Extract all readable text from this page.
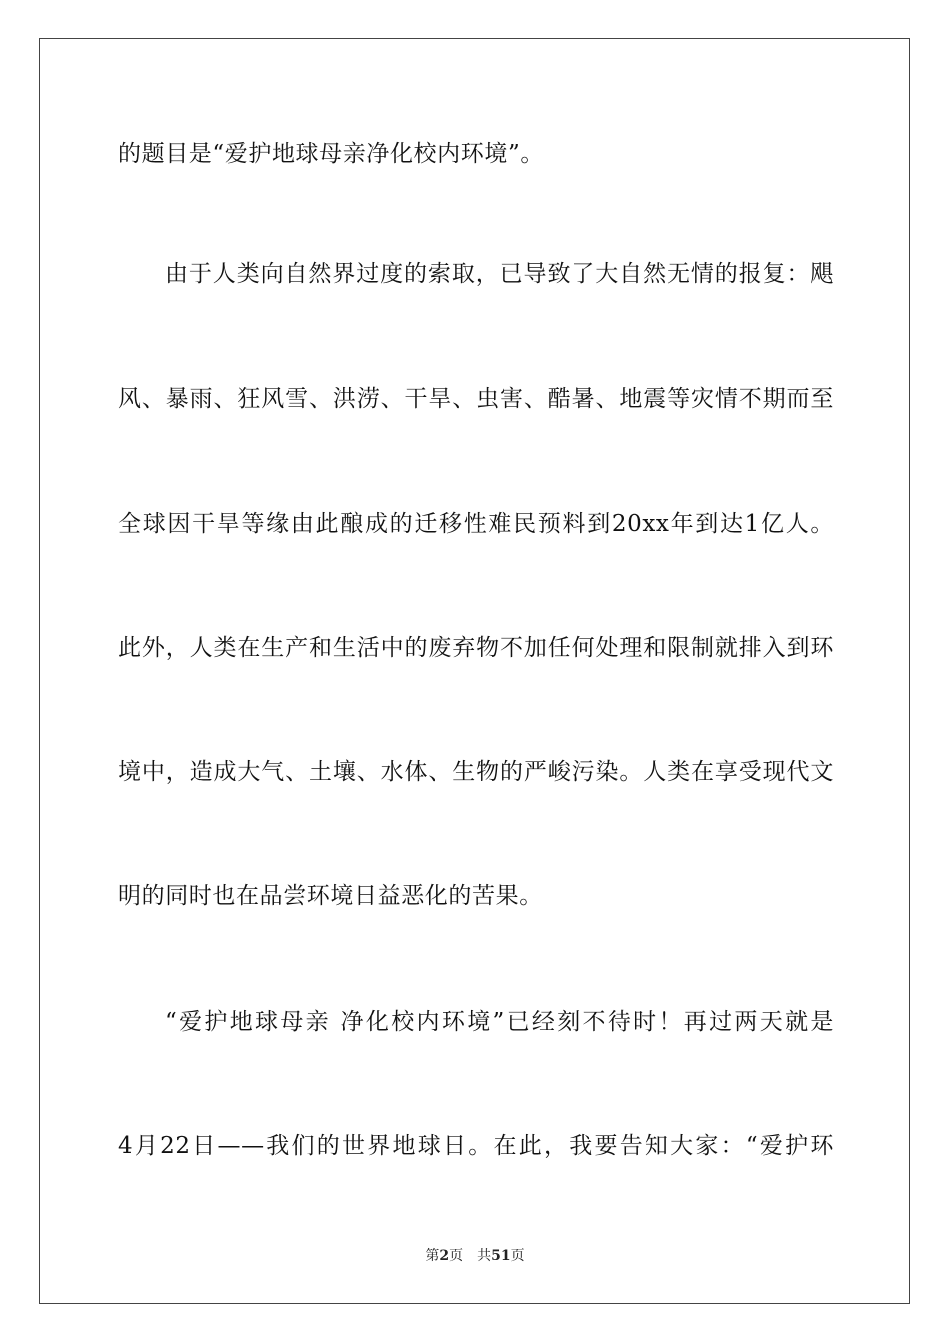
的题目是“爱护地球母亲净化校内环境”。
由于人类向自然界过度的索取，已导致了大自然无情的报复：飓
风、暴雨、狂风雪、洪涝、干旱、虫害、酷暑、地震等灾情不期而至
全球因干旱等缘由此酿成的迁移性难民预料到20xx年到达1亿人。
此外，人类在生产和生活中的废弃物不加任何处理和限制就排入到环
境中，造成大气、土壤、水体、生物的严峻污染。人类在享受现代文
明的同时也在品尝环境日益恶化的苦果。
“爱护地球母亲 净化校内环境”已经刻不待时！再过两天就是
4月22日——我们的世界地球日。在此，我要告知大家：“爱护环
第2页　共51页
